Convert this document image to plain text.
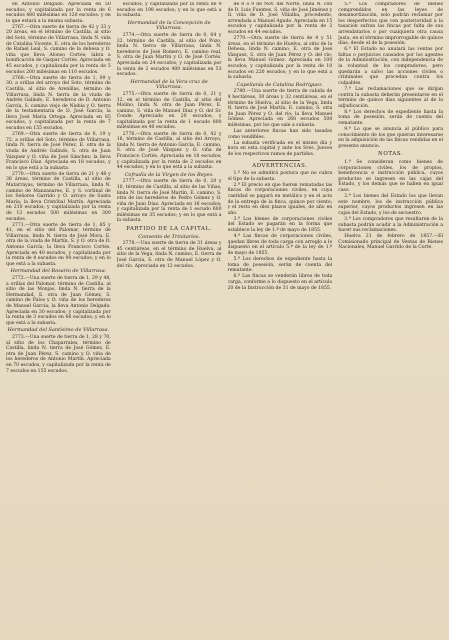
en Antonio Delgado. Apreciada en 50 escudos; y capitalizada por la renta de 6 escudos 480 milésimas en 120 escudos: y en lo que estará a la misma subasta.

2767.—Otra suerte de tierra de 42 y 33 y 20 áreas, en el término de Castilla, al sitio del Soto, término de Villarrasa, linda N. vida de Catalina Vicente, E. otra de los herederos de Rafael Leal, S. camino de la dehesa y O. viña que lleva Alonso Cortés; labra a bonificación de Gaspar Cortés. Apreciada en 45 escudos, y capitalizada por la renta de 5 escudos 200 milésimas en 110 escudos.

2768.—Otra suerte de tierra de 1, 09 y 30, a orillas del arroyo del Soto, término de Castilla, al sitio de Arenillas, término de Villarrasa, linda N. tierra de la viuda de Andrés Galindo, E. herederos de D. Antonio García, S. camino viejo de Niebla y O. tierra de la testamentaría de D. José García; la lleva José María Ortega. Apreciada en 85 escudos, y capitalizada por la renta de 7 escudos en 155 escudos.

2769.—Otra suerte de tierra de 0, 19 y 72, a orillas del Soto, término de Villarrasa, linda N. tierra de José Pérez, E. otra de la viuda de Andrés Galindo, S. otra de Juan Vázquez y O. viña de José Sánchez; la lleva Francisco Díaz. Apreciada en 18 escudos, y en lo que está a la subasta.

2770.—Otra suerte de tierra de 21 y 48 y 38 áreas, término de Castilla, al sitio de Matarrayas, término de Villarrasa, linda N. camino de Manzanares, E. y S. cortinal de los Señores Garrido y O. arroyo de Santa María; la lleva Cristóbal Martín. Apreciada en 210 escudos; y capitalizada por la renta de 13 escudos 500 milésimas en 300 escudos.

2771.—Otra suerte de tierra de 1, 85 y 41, en el sitio del Palomar, término de Villarrasa, linda N. tierra de José Mora, E. otra de la viuda de Martín, S. y O. otra de D. Antonio García; la lleva Francisco Cortés. Apreciada en 40 escudos, y capitalizada por la renta de 4 escudos en 90 escudos; y en lo que está a la subasta.

Hermandad del Rosario de Villarrasa.

2772.—Una suerte de tierra de 1, 29 y 48, a orillas del Palomar, término de Castilla, al sitio de las Monjas, linda N. tierra de la Hermandad, E. otra de Juan Gómez, S. camino de Palos y O. viña de los herederos de Manuel García; la lleva Antonio Delgado. Apreciada en 30 escudos; y capitalizada por la renta de 3 escudos en 66 escudos; y en lo que está a la subasta.

Hermandad del Santísimo de Villarrasa.

2773.—Una suerte de tierra de 1, 28 y 70, al sitio de los Chaparrales, término de Castilla, linda N. tierra de José Gómez, E. otra de Juan Pérez, S. camino y O. viña de los herederos de Antonio Martín. Apreciada en 70 escudos, y capitalizada por la renta de 7 escudos en 155 escudos.

escudos; y capitalizada por la renta de 9 escudos en 198 escudos; y en lo que está a la subasta.

Hermandad de la Concepción de Villarrasa.

2774.—Otra suerte de tierra de 0, 64 y 32, término de Castilla, al sitio del Pozo, linda N. tierra de Villarrasa, linda N. herederos de José Romero, E. camino real, S. otra de Juan Martín y O. de José Cortés. Apreciada en 24 escudos; y capitalizada por la renta de 2 escudos 400 milésimas en 53 escudos.

Hermandad de la Vera-cruz de Villarrasa.

2775.—Otra suerte de tierra de 0, 21 y 12, en el término de Castilla, al sitio del Molino, linda N. otra de Juan Pérez, E. camino, S. viña de Manuel Díaz y O. del Sr. Conde. Apreciada en 20 escudos; y capitalizada por la renta de 1 escudo 800 milésimas en 40 escudos.

2776.—Otra suerte de tierra de 0, 42 y 16, término de Castilla, al sitio del Arroyo, linda N. tierra de Antonio García, E. camino, S. otra de José Vázquez y O. viña de Francisco Cortés. Apreciada en 18 escudos; y capitalizada por la renta de 2 escudos en 44 escudos; y en lo que está a la subasta.

Cofradía de la Virgen de los Reyes.

2777.—Otra suerte de tierra de 0, 20 y 10, término de Castilla, al sitio de las Viñas, linda N. tierra de José Martín, E. camino, S. otra de los herederos de Pedro Gómez y O. viña de Juan Díaz. Apreciada en 16 escudos; y capitalizada por la renta de 1 escudo 600 milésimas en 35 escudos; y en lo que está a la subasta.

PARTIDO DE LA CAPITAL.
Convento de Trinitarios.

2778.—Una suerte de tierra de 31 áreas y 45 centiáreas, en el término de Huelva, al sitio de la Vega, linda N. camino, E. tierra de José García, S. otra de Manuel López y O. del río. Apreciada en 12 escudos.

de 8 ó 9 de Nov. del Norte, linda N. con de D. Luis Fuentes, S. viña de José Jiménez y O. viña de D. José Villalba, procedente, arrendada a Manuel Agudo. Apreciada en 15 escudos y capitalizada por la renta de 2 escudos en 44 escudos.

2779.—Otra suerte de tierra de 4 y 51 áreas, en el término de Huelva, al sitio de la Dehesa, linda N. camino, E. otra de José Vázquez, S. otra de Juan Pérez y O. del río; la lleva Manuel Gómez. Apreciada en 100 escudos; y capitalizada por la renta de 10 escudos en 220 escudos; y en lo que está a la subasta.

Capellanía de Catalina Rodríguez.

2780.—Una suerte de tierra de cabida de 4 hectáreas, 30 áreas y 32 centiáreas, en el término de Huelva, al sitio de la Vega, linda N. tierra de José Martín, E. camino, S. otra de Juan Pérez y O. del río; la lleva Manuel Gómez. Apreciada en 268 escudos 500 milésimas, por los que sale a subasta.

Las anteriores fincas han sido tasadas como vendibles.

La subasta verificada en el mismo día y hora en esta capital y ante los Sres. Jueces de los respectivos ramos de partidos.

ADVERTENCIAS.

1.ª No se admitirá postura que no cubra el tipo de la subasta.

2.ª El precio en que fueren rematadas las fincas de corporaciones civiles, en cuya cantidad se pagará en metálico y en el acto de la entrega de la finca, quince por ciento; y el resto en diez plazos iguales, de año en año.

3.ª Los bienes de corporaciones civiles del Estado se pagarán en la forma que establece la ley de 1.º de mayo de 1855.

4.ª Las fincas de corporaciones civiles, quedan libres de toda carga con arreglo a lo dispuesto en el artículo 5.º de la ley de 1.º de mayo de 1855.

5.ª Los derechos de expediente hasta la toma de posesión, serán de cuenta del rematante.

6.ª Las fincas se venderán libres de toda carga, conforme a lo dispuesto en el artículo 20 de la Instrucción de 31 de mayo de 1855.

5.ª Los compradores de bienes comprendidos en las leyes de desamortización, solo podrán reclamar por los desperfectos que con posterioridad a la tasación sufran las fincas por falta de sus arrendatarios o por cualquiera otra causa justa, en el término improrrogable de quince días, desde el de la posesión.

6.ª El Estado no anulará las ventas por faltas o perjuicios causados por los agentes de la Administración, con independencia de la voluntad de los compradores; pero quedarán a salvo las acciones civiles o criminales que procedan contra los culpables.

7.ª Las reclamaciones que se dirijan contra la subasta deberán presentarse en el término de quince días siguientes al de la adjudicación.

8.ª Los derechos de expediente hasta la toma de posesión, serán de cuenta del rematante.

9.ª Lo que se anuncia al público para conocimiento de los que quieran interesarse en la adquisición de las fincas vendidas en el presente anuncio.

NOTAS.

1.ª Se consideran como bienes de corporaciones civiles, los de propios, beneficencia e instrucción pública, cuyos productos se ingresen en las cajas del Estado, y los demás que se hallen en igual caso.

2.ª Los bienes del Estado los que llevan este nombre, los de instrucción pública superior, cuyos productos ingresen en las cajas del Estado, y los de secuestro.

3.ª Los compradores que resultaren de la subasta podrán acudir a la Administración a hacer sus reclamaciones.

Huelva 21 de febrero de 1857.—El Comisionado principal de Ventas de Bienes Nacionales, Manuel Garrido de la Corte.
